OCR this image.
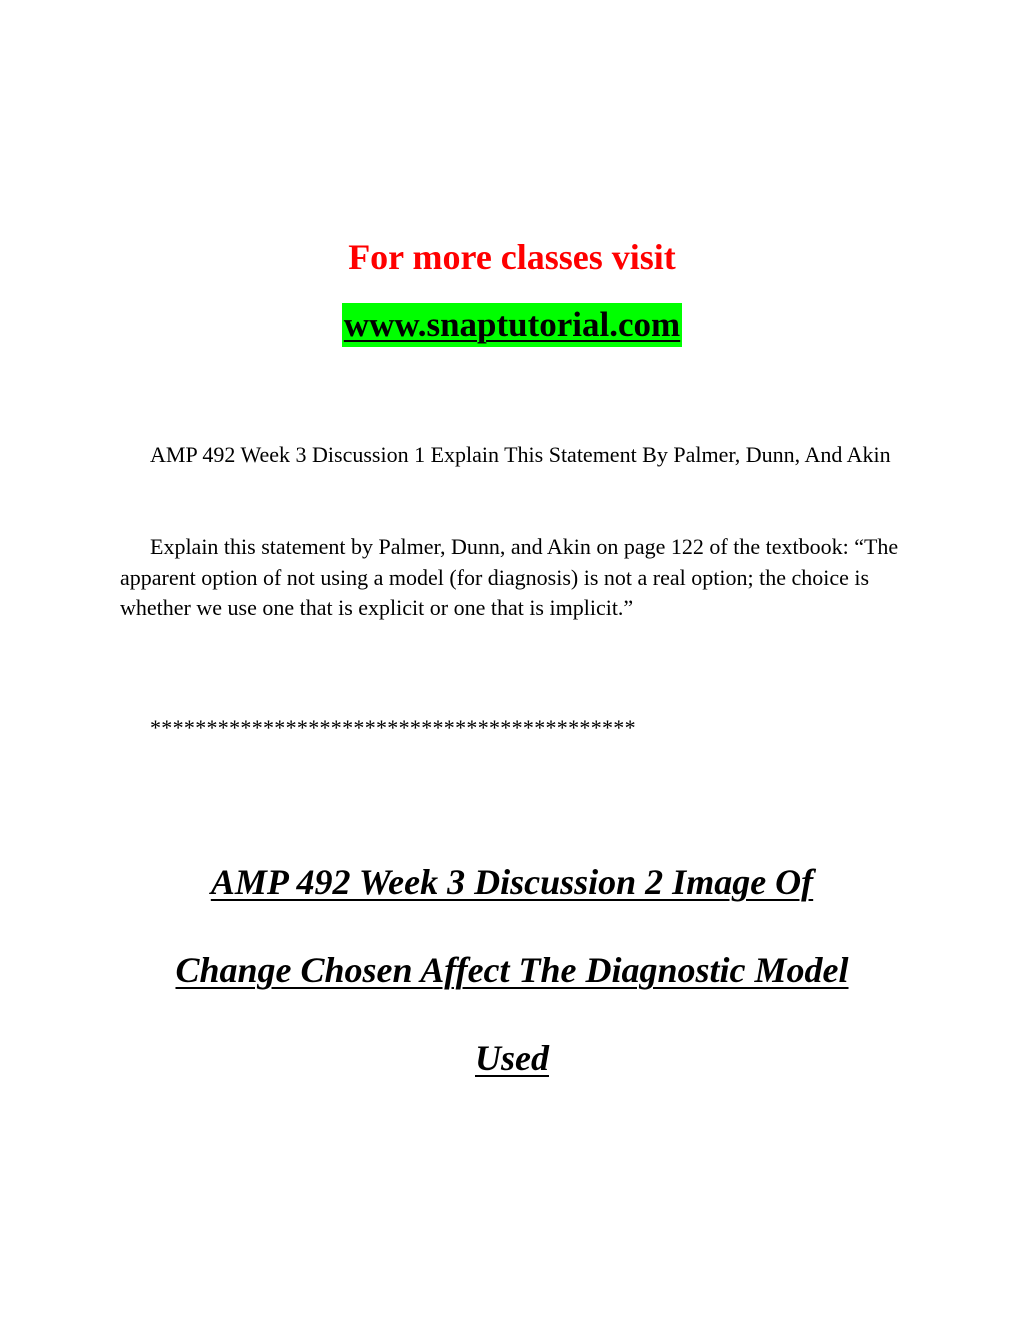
For more classes visit
www.snaptutorial.com

AMP 492 Week 3 Discussion 1 Explain This Statement By Palmer, Dunn, And Akin

Explain this statement by Palmer, Dunn, and Akin on page 122 of the textbook: “The apparent option of not using a model (for diagnosis) is not a real option; the choice is whether we use one that is explicit or one that is implicit.”

*******************************************

AMP 492 Week 3 Discussion 2 Image Of
Change Chosen Affect The Diagnostic Model
Used
